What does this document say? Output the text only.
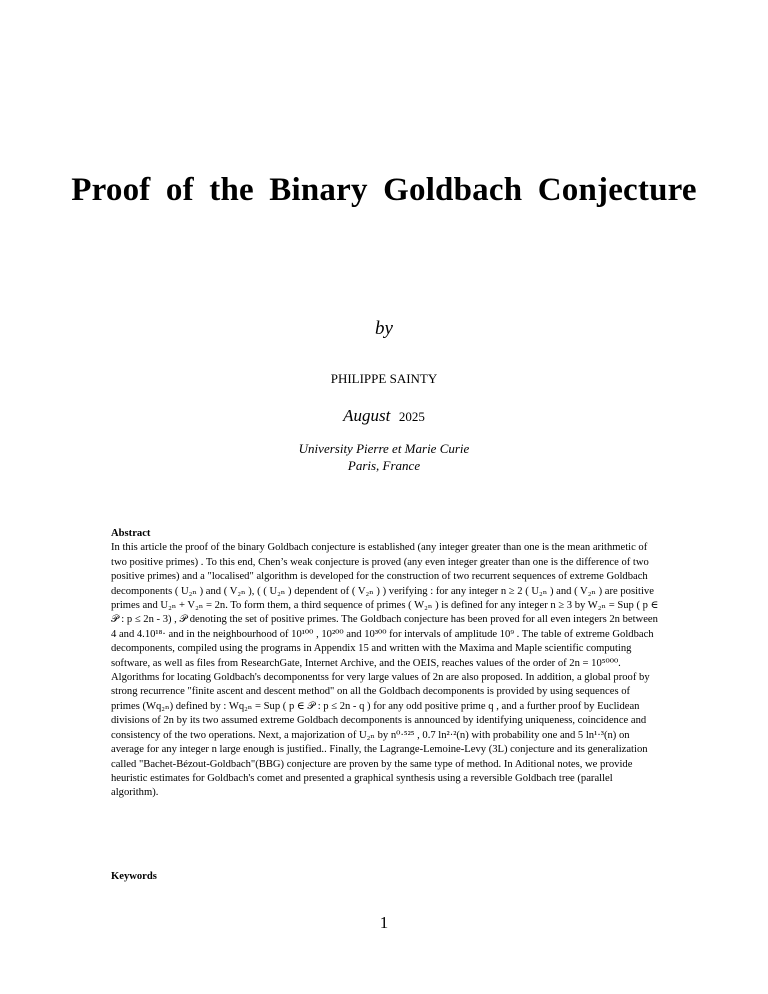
Proof of the Binary Goldbach Conjecture
by
PHILIPPE SAINTY
August 2025
University Pierre et Marie Curie
Paris, France
Abstract
In this article the proof of the binary Goldbach conjecture is established (any integer greater than one is the mean arithmetic of two positive primes) . To this end, Chen’s weak conjecture is proved (any even integer greater than one is the difference of two positive primes) and a "localised" algorithm is developed for the construction of two recurrent sequences of extreme Goldbach decomponents ( U₂ₙ ) and ( V₂ₙ ), ( ( U₂ₙ ) dependent of ( V₂ₙ ) ) verifying : for any integer n ≥ 2 ( U₂ₙ ) and ( V₂ₙ ) are positive primes and U₂ₙ + V₂ₙ = 2n. To form them, a third sequence of primes ( W₂ₙ ) is defined for any integer n ≥ 3 by W₂ₙ = Sup ( p ∈ 𝒫 : p ≤ 2n - 3) , 𝒫 denoting the set of positive primes. The Goldbach conjecture has been proved for all even integers 2n between 4 and 4.10¹⁸· and in the neighbourhood of 10¹⁰⁰ , 10²⁰⁰ and 10³⁰⁰ for intervals of amplitude 10⁹ . The table of extreme Goldbach decomponents, compiled using the programs in Appendix 15 and written with the Maxima and Maple scientific computing software, as well as files from ResearchGate, Internet Archive, and the OEIS, reaches values of the order of 2n = 10⁵⁰⁰⁰. Algorithms for locating Goldbach's decomponentss for very large values of 2n are also proposed. In addition, a global proof by strong recurrence "finite ascent and descent method" on all the Goldbach decomponents is provided by using sequences of primes (Wq₂ₙ) defined by : Wq₂ₙ = Sup ( p ∈ 𝒫 : p ≤ 2n - q ) for any odd positive prime q , and a further proof by Euclidean divisions of 2n by its two assumed extreme Goldbach decomponents is announced by identifying uniqueness, coincidence and consistency of the two operations. Next, a majorization of U₂ₙ by n⁰·⁵²⁵ , 0.7 ln²·²(n) with probability one and 5 ln¹·³(n) on average for any integer n large enough is justified.. Finally, the Lagrange-Lemoine-Levy (3L) conjecture and its generalization called "Bachet-Bézout-Goldbach"(BBG) conjecture are proven by the same type of method. In Aditional notes, we provide heuristic estimates for Goldbach's comet and presented a graphical synthesis using a reversible Goldbach tree (parallel algorithm).
Keywords
1
